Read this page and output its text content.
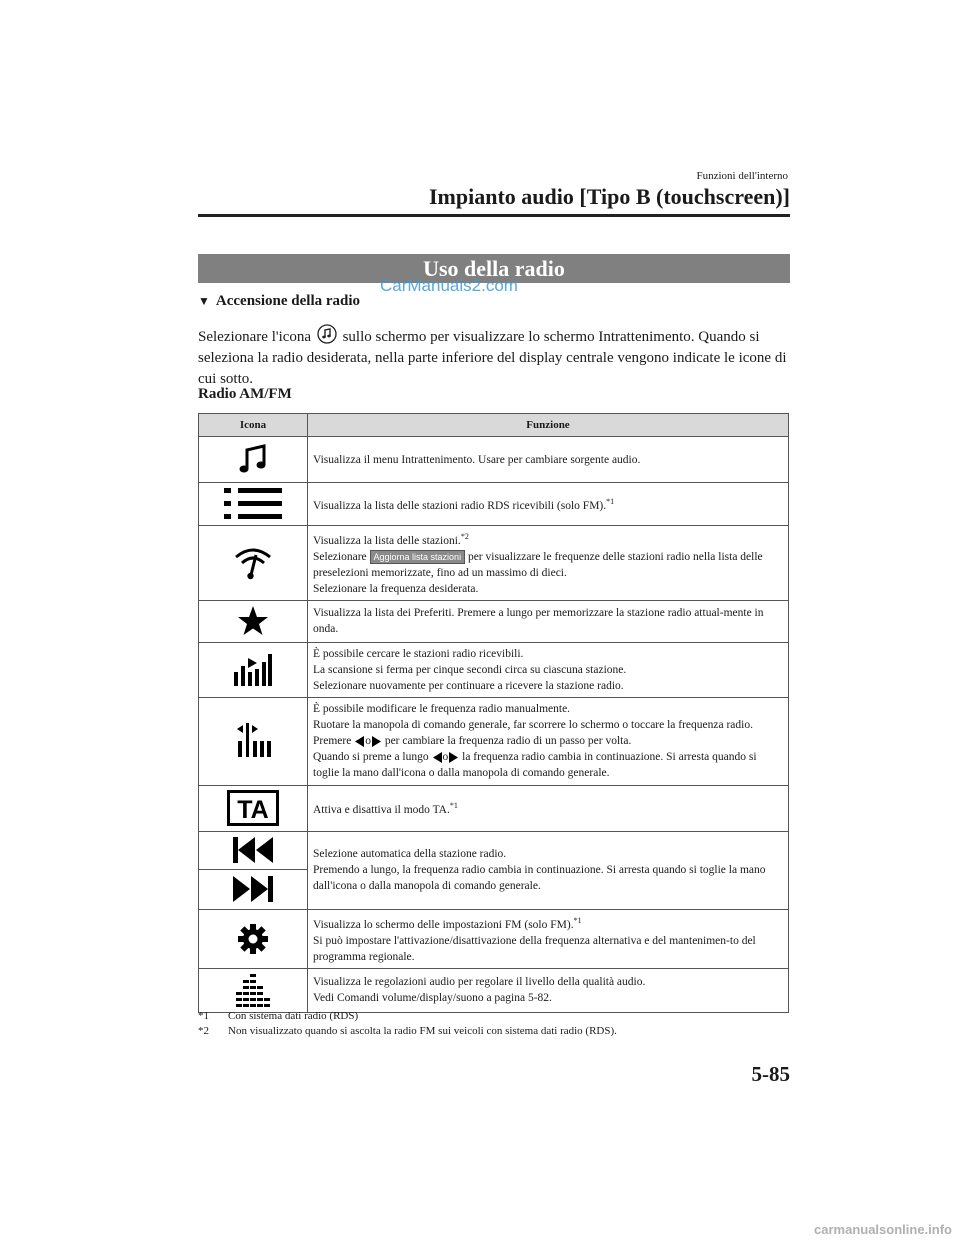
Funzioni dell'interno
Impianto audio [Tipo B (touchscreen)]
Uso della radio
CarManuals2.com
▼ Accensione della radio
Selezionare l'icona sullo schermo per visualizzare lo schermo Intrattenimento. Quando si seleziona la radio desiderata, nella parte inferiore del display centrale vengono indicate le icone di cui sotto.
Radio AM/FM
Icona	Funzione
	Visualizza il menu Intrattenimento. Usare per cambiare sorgente audio.
	Visualizza la lista delle stazioni radio RDS ricevibili (solo FM).$^{*1}$
	Visualizza la lista delle stazioni.$^{*2}$
Selezionare Aggiorna lista stazioni per visualizzare le frequenze delle stazioni radio nella lista delle preselezioni memorizzate, fino ad un massimo di dieci.
Selezionare la frequenza desiderata.
	Visualizza la lista dei Preferiti. Premere a lungo per memorizzare la stazione radio attual-mente in onda.
	È possibile cercare le stazioni radio ricevibili.
La scansione si ferma per cinque secondi circa su ciascuna stazione.
Selezionare nuovamente per continuare a ricevere la stazione radio.
	È possibile modificare le frequenza radio manualmente.
Ruotare la manopola di comando generale, far scorrere lo schermo o toccare la frequenza radio. Premere o per cambiare la frequenza radio di un passo per volta.
Quando si preme a lungo o la frequenza radio cambia in continuazione. Si arresta quando si toglie la mano dall'icona o dalla manopola di comando generale.

TA	Attiva e disattiva il modo TA.$^{*1}$
	Selezione automatica della stazione radio.
Premendo a lungo, la frequenza radio cambia in continuazione. Si arresta quando si toglie la mano dall'icona o dalla manopola di comando generale.

	Visualizza lo schermo delle impostazioni FM (solo FM).$^{*1}$
Si può impostare l'attivazione/disattivazione della frequenza alternativa e del mantenimen-to del programma regionale.
	Visualizza le regolazioni audio per regolare il livello della qualità audio.
Vedi Comandi volume/display/suono a pagina 5-82.
*1 Con sistema dati radio (RDS)
*2 Non visualizzato quando si ascolta la radio FM sui veicoli con sistema dati radio (RDS).
5-85
carmanualsonline.info
